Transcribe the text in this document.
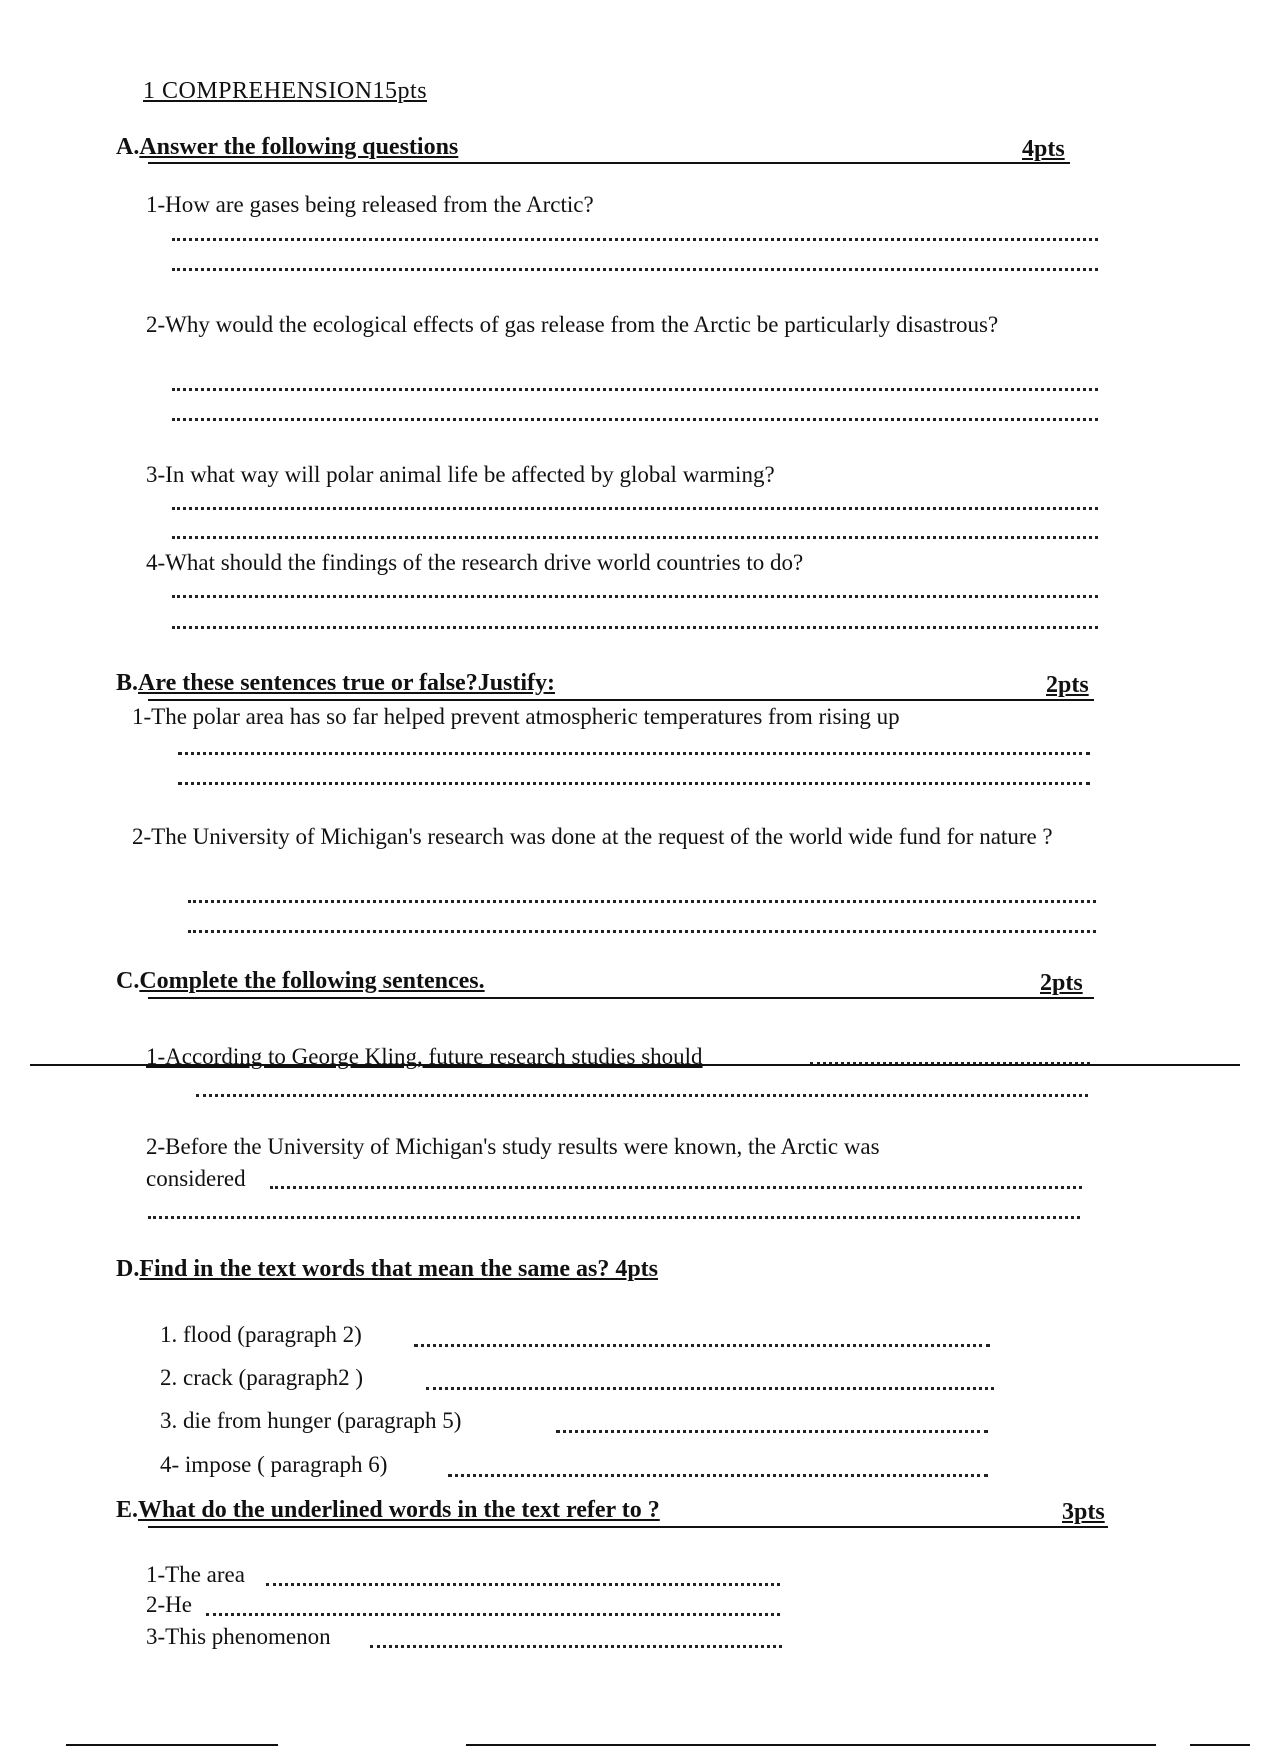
1 COMPREHENSION15pts
A.Answer the following questions	4pts
1-How are gases being released from the Arctic?
2-Why would the ecological effects of gas release from the Arctic be particularly disastrous?
3-In what way will polar animal life be affected by global warming?
4-What should the findings of the research drive world countries to do?
B.Are these sentences true or false?Justify:	2pts
1-The polar area has so far helped prevent atmospheric temperatures from rising up
2-The University of Michigan's research was done at the request of the world wide fund for nature ?
C.Complete the following sentences.	2pts
1-According to George Kling, future research studies should
2-Before the University of Michigan's study results were known, the Arctic was
considered
D.Find in the text words that mean the same as? 4pts
1. flood (paragraph 2)
2. crack (paragraph2 )
3. die from hunger (paragraph 5)
4- impose ( paragraph 6)
E.What do the underlined words in the text refer to ?	3pts
1-The area
2-He
3-This phenomenon
